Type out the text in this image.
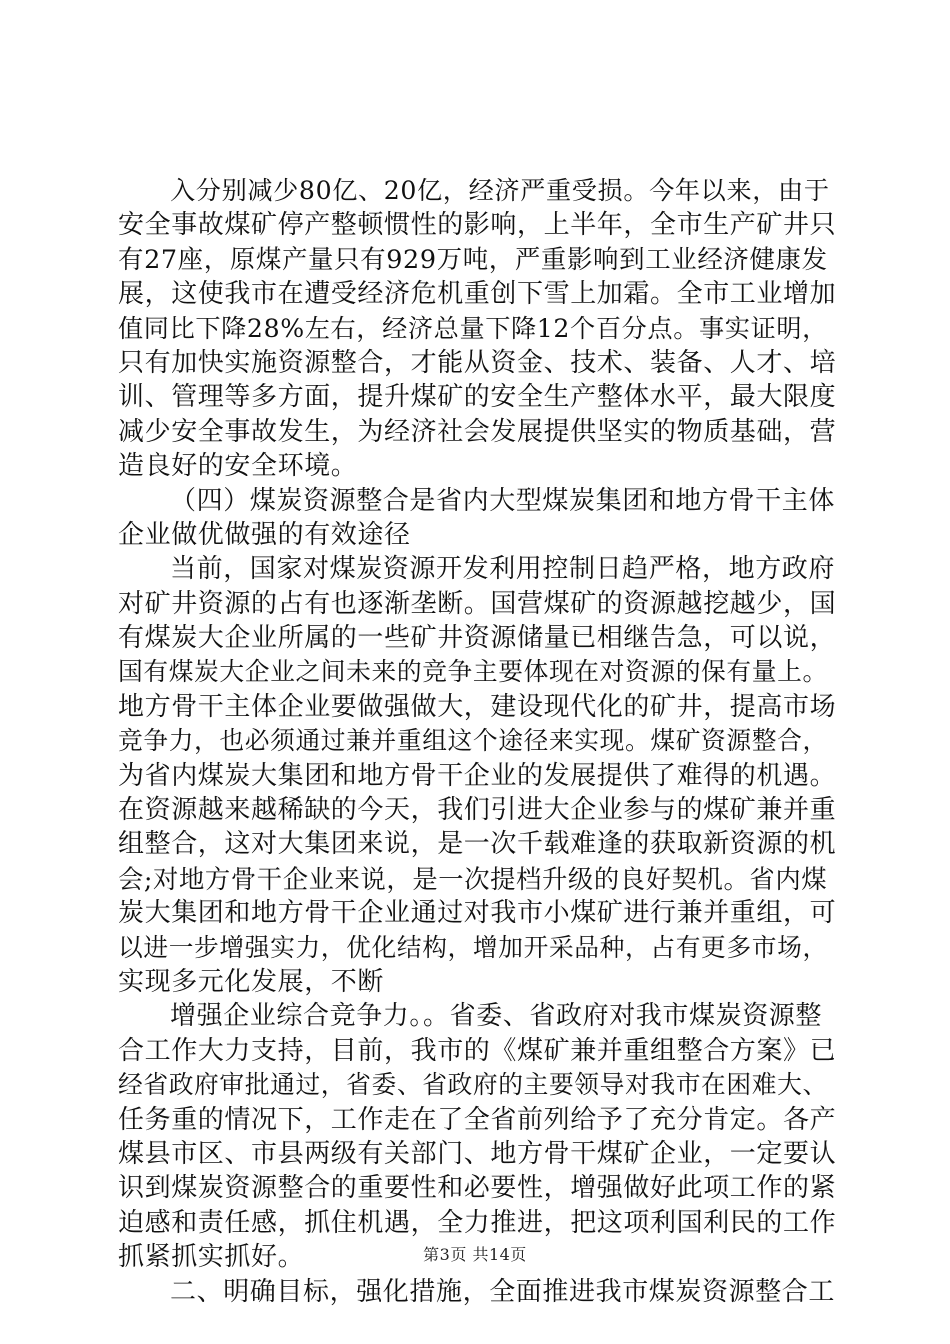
入分别减少80亿、20亿，经济严重受损。今年以来，由于
安全事故煤矿停产整顿惯性的影响，上半年，全市生产矿井只
有27座，原煤产量只有929万吨，严重影响到工业经济健康发
展，这使我市在遭受经济危机重创下雪上加霜。全市工业增加
值同比下降28%左右，经济总量下降12个百分点。事实证明，
只有加快实施资源整合，才能从资金、技术、装备、人才、培
训、管理等多方面，提升煤矿的安全生产整体水平，最大限度
减少安全事故发生，为经济社会发展提供坚实的物质基础，营
造良好的安全环境。
（四）煤炭资源整合是省内大型煤炭集团和地方骨干主体
企业做优做强的有效途径
当前，国家对煤炭资源开发利用控制日趋严格，地方政府
对矿井资源的占有也逐渐垄断。国营煤矿的资源越挖越少，国
有煤炭大企业所属的一些矿井资源储量已相继告急，可以说，
国有煤炭大企业之间未来的竞争主要体现在对资源的保有量上。
地方骨干主体企业要做强做大，建设现代化的矿井，提高市场
竞争力，也必须通过兼并重组这个途径来实现。煤矿资源整合，
为省内煤炭大集团和地方骨干企业的发展提供了难得的机遇。
在资源越来越稀缺的今天，我们引进大企业参与的煤矿兼并重
组整合，这对大集团来说，是一次千载难逢的获取新资源的机
会;对地方骨干企业来说，是一次提档升级的良好契机。省内煤
炭大集团和地方骨干企业通过对我市小煤矿进行兼并重组，可
以进一步增强实力，优化结构，增加开采品种，占有更多市场，
实现多元化发展，不断
增强企业综合竞争力。。省委、省政府对我市煤炭资源整
合工作大力支持，目前，我市的《煤矿兼并重组整合方案》已
经省政府审批通过，省委、省政府的主要领导对我市在困难大、
任务重的情况下，工作走在了全省前列给予了充分肯定。各产
煤县市区、市县两级有关部门、地方骨干煤矿企业，一定要认
识到煤炭资源整合的重要性和必要性，增强做好此项工作的紧
迫感和责任感，抓住机遇，全力推进，把这项利国利民的工作
抓紧抓实抓好。
二、明确目标，强化措施，全面推进我市煤炭资源整合工
第3页 共14页
